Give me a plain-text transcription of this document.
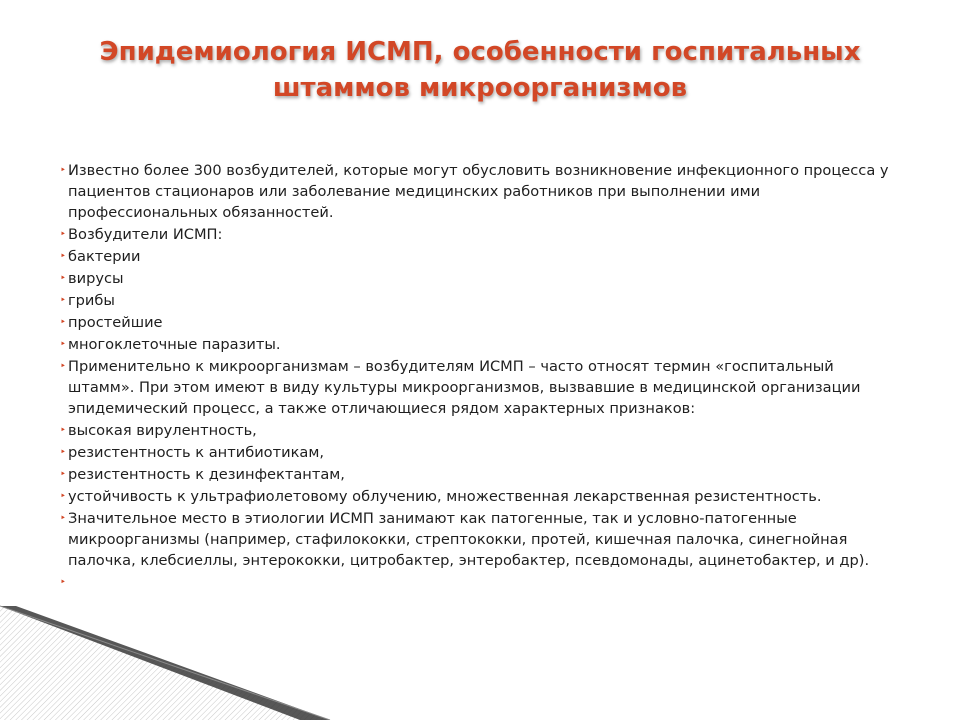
Эпидемиология ИСМП, особенности госпитальных штаммов микроорганизмов
‣ Известно более 300 возбудителей, которые могут обусловить возникновение инфекционного процесса у пациентов стационаров или заболевание медицинских работников при выполнении ими профессиональных обязанностей.
‣ Возбудители ИСМП:
‣ бактерии
‣ вирусы
‣ грибы
‣ простейшие
‣ многоклеточные паразиты.
‣ Применительно к микроорганизмам – возбудителям ИСМП – часто относят термин «госпитальный штамм». При этом имеют в виду культуры микроорганизмов, вызвавшие в медицинской организации эпидемический процесс, а также отличающиеся рядом характерных признаков:
‣ высокая вирулентность,
‣ резистентность к антибиотикам,
‣ резистентность к дезинфектантам,
‣ устойчивость к ультрафиолетовому облучению, множественная лекарственная резистентность.
‣ Значительное место в этиологии ИСМП занимают как патогенные, так и условно-патогенные микроорганизмы (например, стафилококки, стрептококки, протей, кишечная палочка, синегнойная палочка, клебсиеллы, энтерококки, цитробактер, энтеробактер, псевдомонады, ацинетобактер, и др).
‣
